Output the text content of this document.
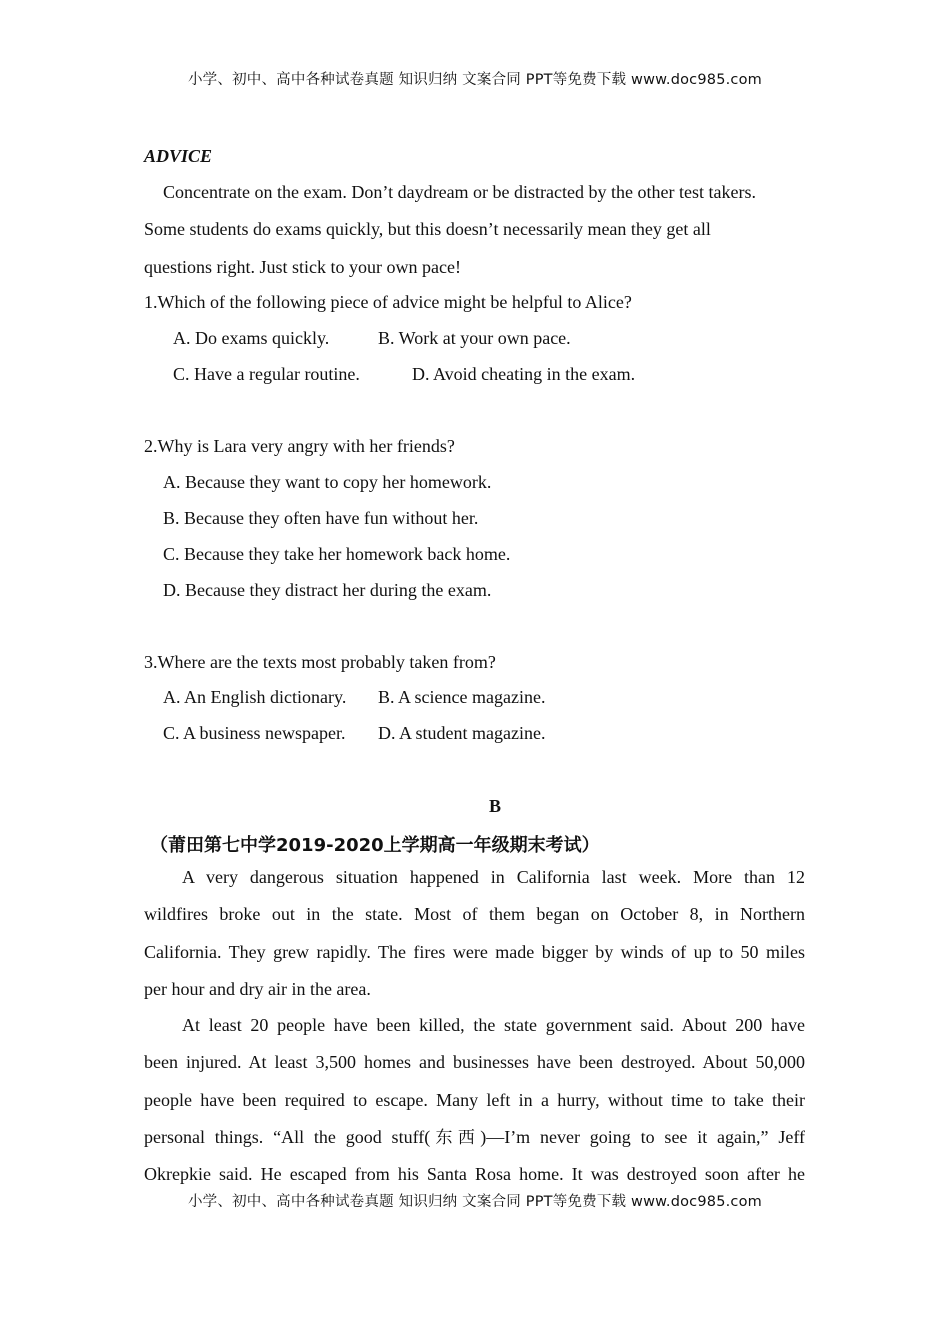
小学、初中、高中各种试卷真题 知识归纳 文案合同 PPT等免费下载 www.doc985.com
ADVICE
Concentrate on the exam. Don’t daydream or be distracted by the other test takers.
Some students do exams quickly, but this doesn’t necessarily mean they get all
questions right. Just stick to your own pace!
1.Which of the following piece of advice might be helpful to Alice?
A. Do exams quickly.	B. Work at your own pace.
C. Have a regular routine.	D. Avoid cheating in the exam.
2.Why is Lara very angry with her friends?
A. Because they want to copy her homework.
B. Because they often have fun without her.
C. Because they take her homework back home.
D. Because they distract her during the exam.
3.Where are the texts most probably taken from?
A. An English dictionary. B. A science magazine.
C. A business newspaper. D. A student magazine.
B
（莆田第七中学2019-2020上学期高一年级期末考试）
A very dangerous situation happened in California last week. More than 12
wildfires broke out in the state. Most of them began on October 8, in Northern
California. They grew rapidly. The fires were made bigger by winds of up to 50 miles
per hour and dry air in the area.
At least 20 people have been killed, the state government said. About 200 have
been injured. At least 3,500 homes and businesses have been destroyed. About 50,000
people have been required to escape. Many left in a hurry, without time to take their
personal things. “All the good stuff(东西)—I’m never going to see it again,” Jeff
Okrepkie said. He escaped from his Santa Rosa home. It was destroyed soon after he
小学、初中、高中各种试卷真题 知识归纳 文案合同 PPT等免费下载 www.doc985.com
